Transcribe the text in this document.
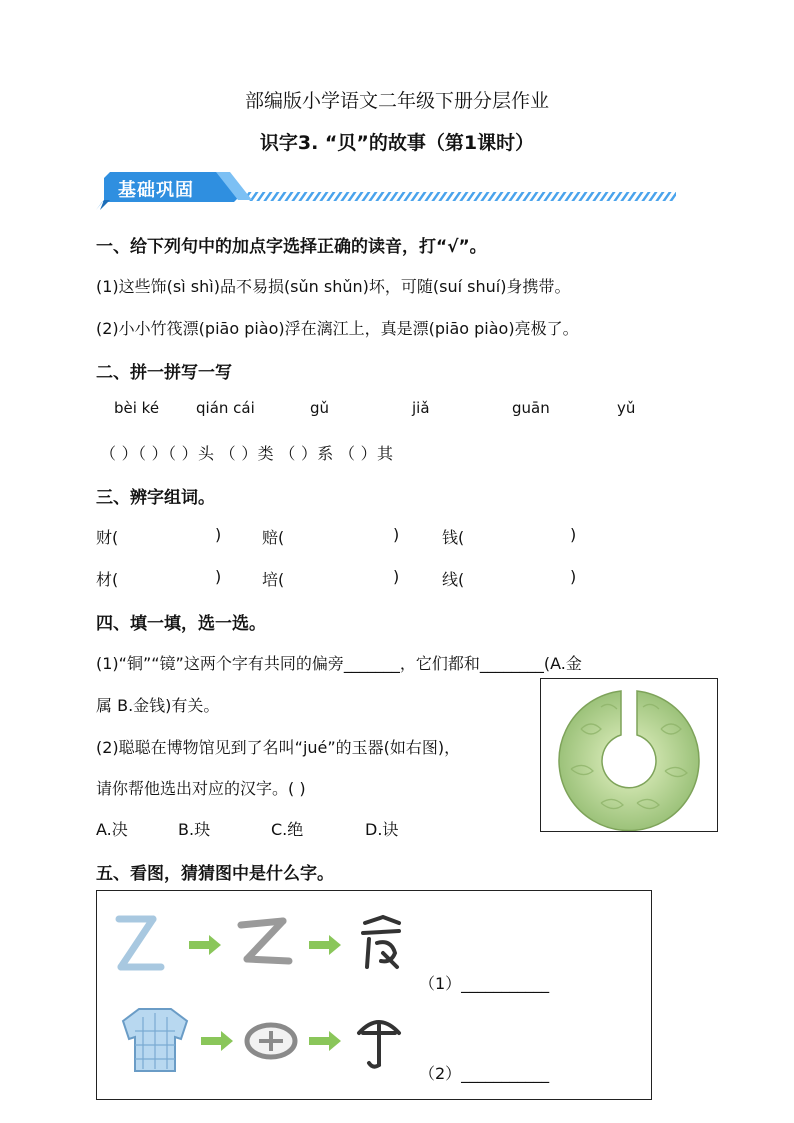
部编版小学语文二年级下册分层作业
识字3. “贝”的故事（第1课时）
基础巩固
一、给下列句中的加点字选择正确的读音，打“√”。
(1)这些饰(sì shì)品不易损(sǔn shǔn)坏，可随(suí shuí)身携带。
(2)小小竹筏漂(piāo piào)浮在漓江上，真是漂(piāo piào)亮极了。
二、拼一拼写一写
bèi ké qián cái	gǔ	jiǎ	guān	yǔ
（ ）（ ）（ ）头 （ ）类 （ ）系 （ ）其
三、辨字组词。
财(	)	赔(	)	钱(	)
材(	)	培(	)	线(	)
四、填一填，选一选。
(1)“铜”“镜”这两个字有共同的偏旁_______，它们都和________(A.金
属 B.金钱)有关。
(2)聪聪在博物馆见到了名叫“jué”的玉器(如右图)，
请你帮他选出对应的汉字。( )
A.决	B.玦	C.绝	D.诀
五、看图，猜猜图中是什么字。
（1）___________
（2）___________
